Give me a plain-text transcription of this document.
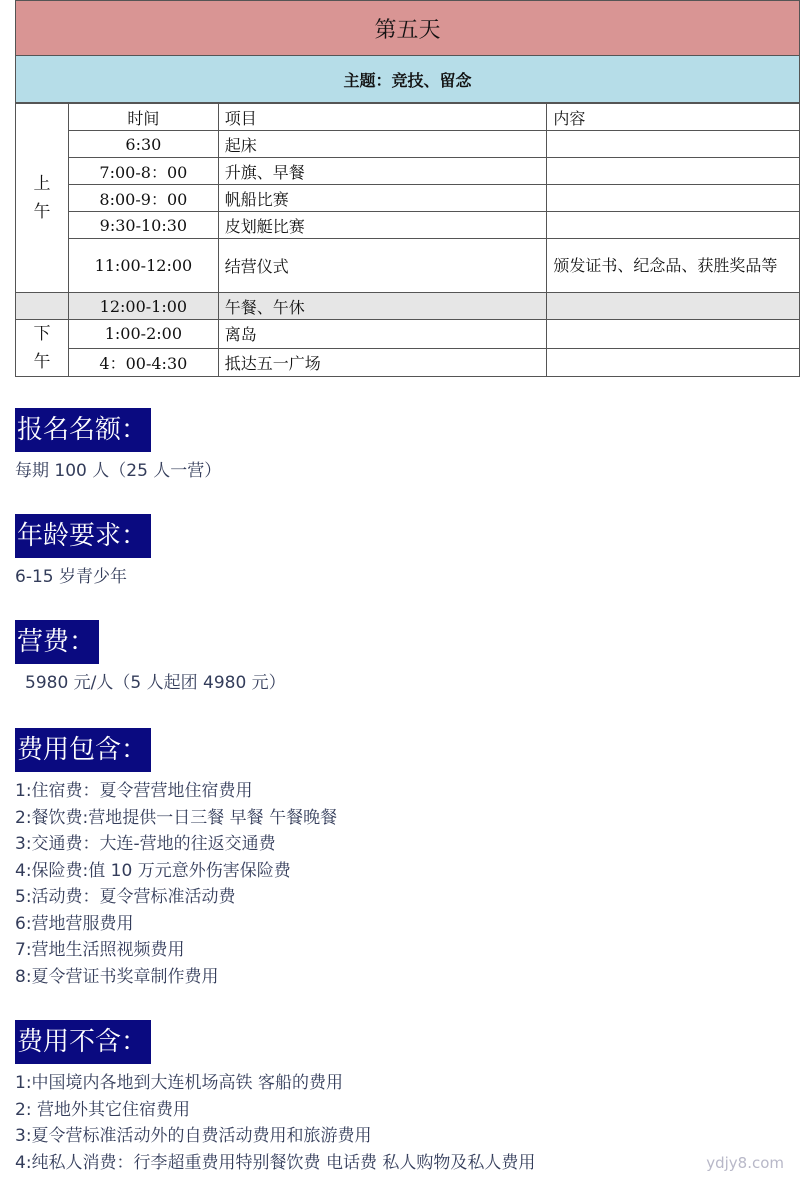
第五天
主题：竞技、留念
上午	时间	项目	内容
	6:30	起床	
	7:00-8：00	升旗、早餐	
	8:00-9：00	帆船比赛	
	9:30-10:30	皮划艇比赛	
	11:00-12:00	结营仪式	颁发证书、纪念品、获胜奖品等
	12:00-1:00	午餐、午休	
下午	1:00-2:00	离岛	
	4：00-4:30	抵达五一广场	
报名名额：
每期 100 人（25 人一营）
年龄要求：
6-15 岁青少年
营费：
5980 元/人（5 人起团 4980 元）
费用包含：
1:住宿费：夏令营营地住宿费用
2:餐饮费:营地提供一日三餐 早餐 午餐晚餐
3:交通费：大连-营地的往返交通费
4:保险费:值 10 万元意外伤害保险费
5:活动费：夏令营标准活动费
6:营地营服费用
7:营地生活照视频费用
8:夏令营证书奖章制作费用
费用不含：
1:中国境内各地到大连机场高铁 客船的费用
2: 营地外其它住宿费用
3:夏令营标准活动外的自费活动费用和旅游费用
4:纯私人消费：行李超重费用特别餐饮费 电话费 私人购物及私人费用	ydjy8.com
